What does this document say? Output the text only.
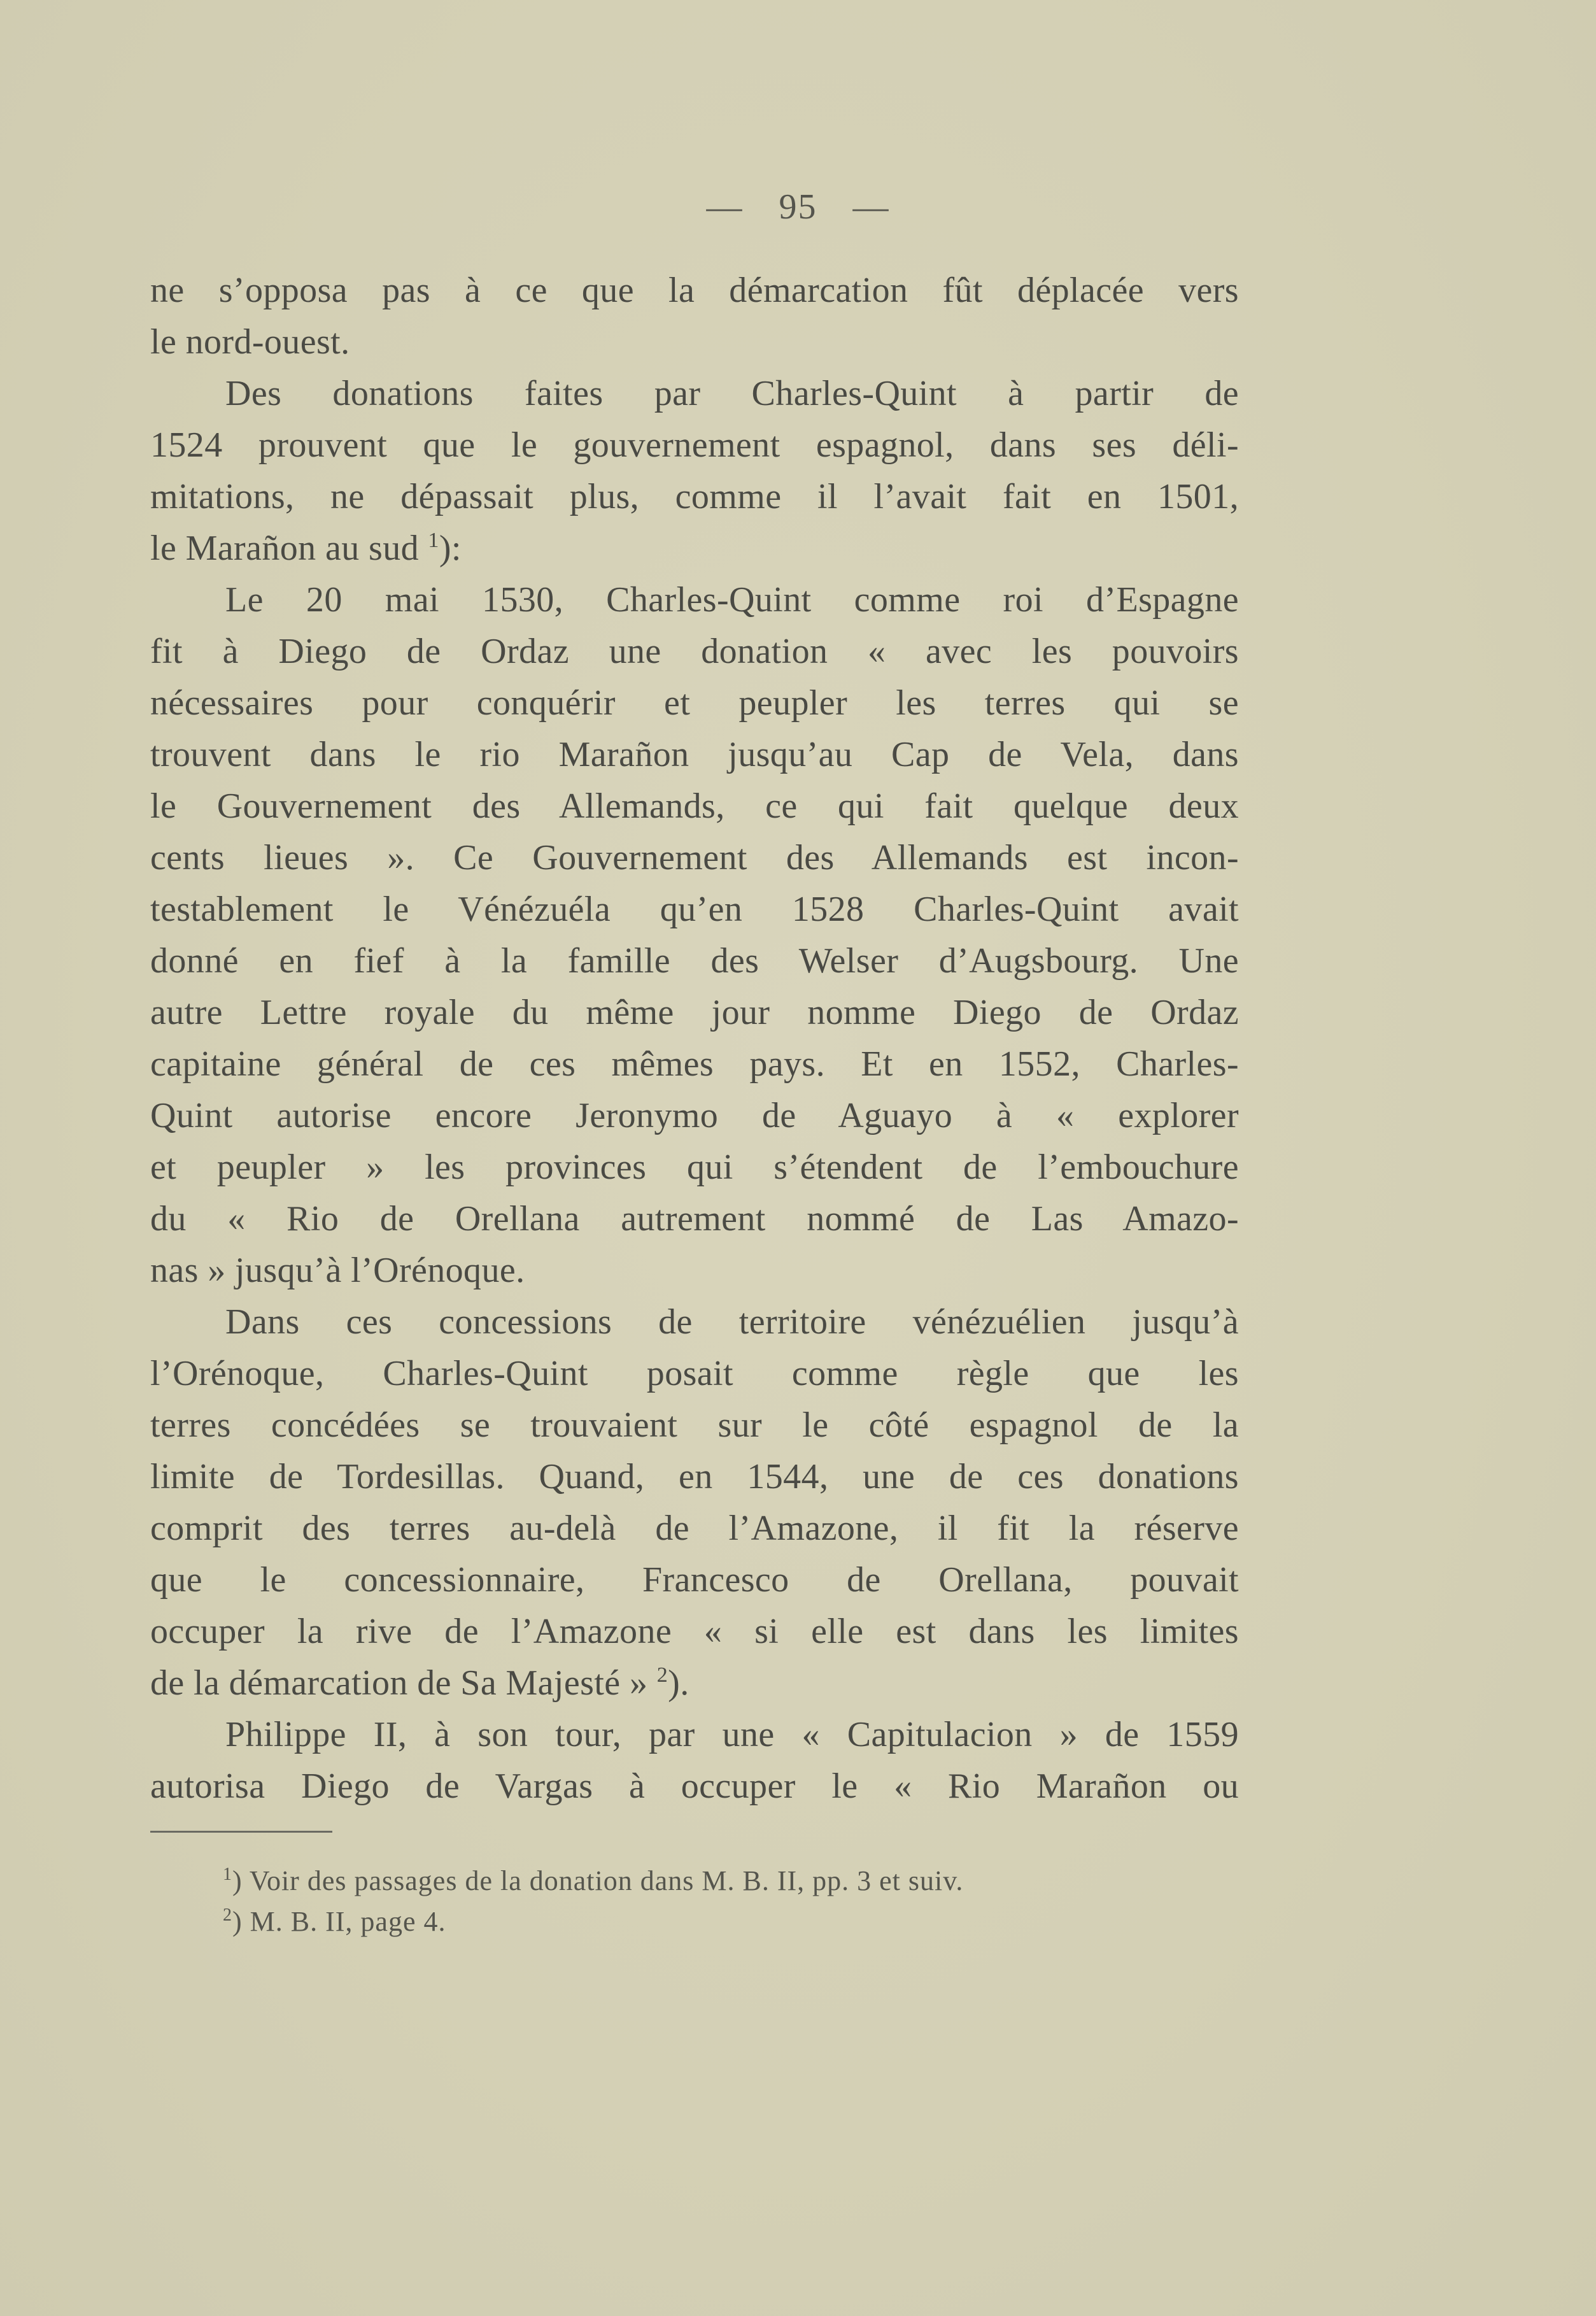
— 95 —
ne s’opposa pas à ce que la démarcation fût déplacée vers
le nord-ouest.
Des donations faites par Charles-Quint à partir de
1524 prouvent que le gouvernement espagnol, dans ses déli-
mitations, ne dépassait plus, comme il l’avait fait en 1501,
le Marañon au sud $^1$):
Le 20 mai 1530, Charles-Quint comme roi d’Espagne
fit à Diego de Ordaz une donation « avec les pouvoirs
nécessaires pour conquérir et peupler les terres qui se
trouvent dans le rio Marañon jusqu’au Cap de Vela, dans
le Gouvernement des Allemands, ce qui fait quelque deux
cents lieues ». Ce Gouvernement des Allemands est incon-
testablement le Vénézuéla qu’en 1528 Charles-Quint avait
donné en fief à la famille des Welser d’Augsbourg. Une
autre Lettre royale du même jour nomme Diego de Ordaz
capitaine général de ces mêmes pays. Et en 1552, Charles-
Quint autorise encore Jeronymo de Aguayo à « explorer
et peupler » les provinces qui s’étendent de l’embouchure
du « Rio de Orellana autrement nommé de Las Amazo-
nas » jusqu’à l’Orénoque.
Dans ces concessions de territoire vénézuélien jusqu’à
l’Orénoque, Charles-Quint posait comme règle que les
terres concédées se trouvaient sur le côté espagnol de la
limite de Tordesillas. Quand, en 1544, une de ces donations
comprit des terres au-delà de l’Amazone, il fit la réserve
que le concessionnaire, Francesco de Orellana, pouvait
occuper la rive de l’Amazone « si elle est dans les limites
de la démarcation de Sa Majesté » $^2$).
Philippe II, à son tour, par une « Capitulacion » de 1559
autorisa Diego de Vargas à occuper le « Rio Marañon ou
$^1$) Voir des passages de la donation dans M. B. II, pp. 3 et suiv.
$^2$) M. B. II, page 4.
